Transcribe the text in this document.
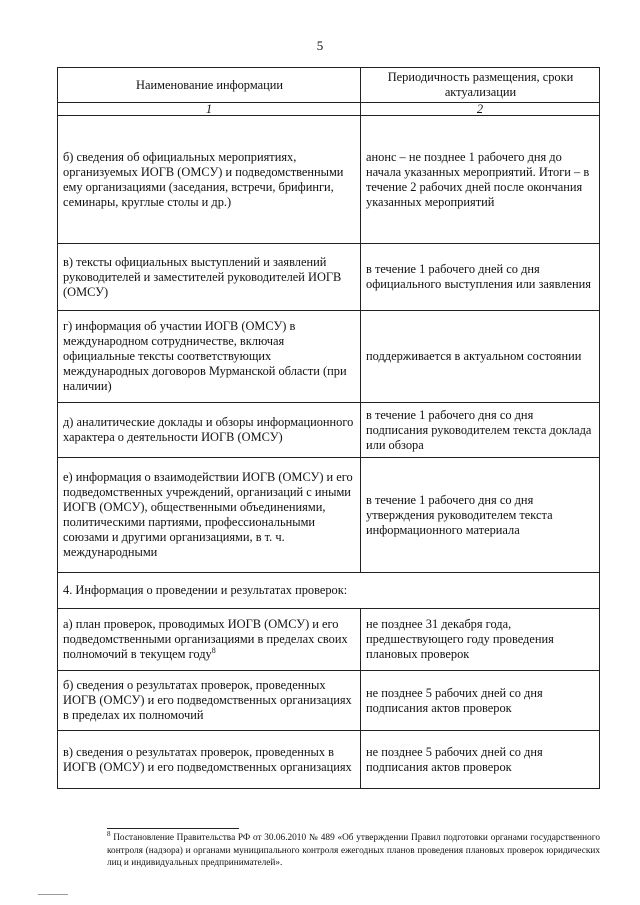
5
Наименование информации	Периодичность размещения, сроки актуализации
1	2
б) сведения об официальных мероприятиях, организуемых ИОГВ (ОМСУ) и подведомственными ему организациями (заседания, встречи, брифинги, семинары, круглые столы и др.)	анонс – не позднее 1 рабочего дня до начала указанных мероприятий. Итоги – в течение 2 рабочих дней после окончания указанных мероприятий
в) тексты официальных выступлений и заявлений руководителей и заместителей руководителей ИОГВ (ОМСУ)	в течение 1 рабочего дней со дня официального выступления или заявления
г) информация об участии ИОГВ (ОМСУ) в международном сотрудничестве, включая официальные тексты соответствующих международных договоров Мурманской области (при наличии)	поддерживается в актуальном состоянии
д) аналитические доклады и обзоры информационного характера о деятельности ИОГВ (ОМСУ)	в течение 1 рабочего дня со дня подписания руководителем текста доклада или обзора
е) информация о взаимодействии ИОГВ (ОМСУ) и его подведомственных учреждений, организаций с иными ИОГВ (ОМСУ), общественными объединениями, политическими партиями, профессиональными союзами и другими организациями, в т. ч. международными	в течение 1 рабочего дня со дня утверждения руководителем текста информационного материала
4. Информация о проведении и результатах проверок:	
а) план проверок, проводимых ИОГВ (ОМСУ) и его подведомственными организациями в пределах своих полномочий в текущем году$^8$	не позднее 31 декабря года, предшествующего году проведения плановых проверок
б) сведения о результатах проверок, проведенных ИОГВ (ОМСУ) и его подведомственных организациях в пределах их полномочий	не позднее 5 рабочих дней со дня подписания актов проверок
в) сведения о результатах проверок, проведенных в ИОГВ (ОМСУ) и его подведомственных организациях	не позднее 5 рабочих дней со дня подписания актов проверок
$^8$ Постановление Правительства РФ от 30.06.2010 № 489 «Об утверждении Правил подготовки органами государственного контроля (надзора) и органами муниципального контроля ежегодных планов проведения плановых проверок юридических лиц и индивидуальных предпринимателей».
